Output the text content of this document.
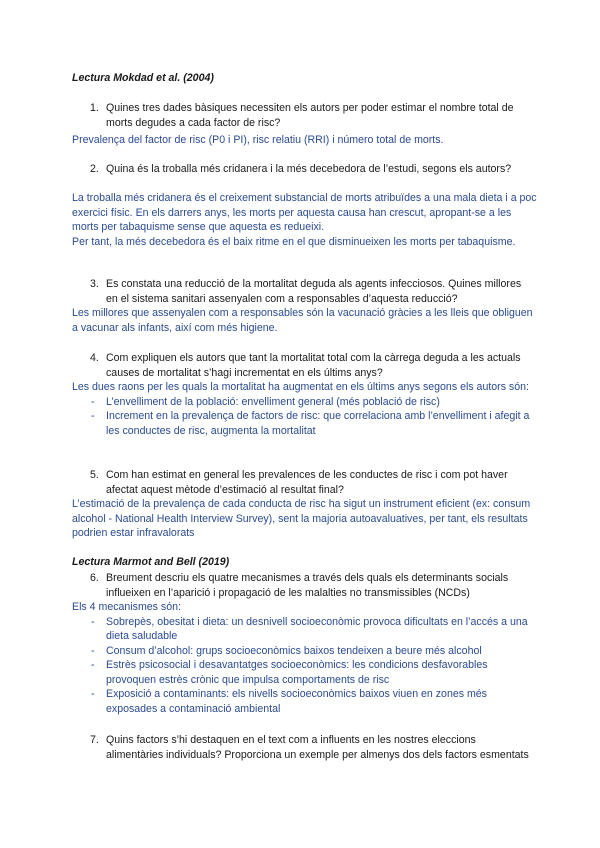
Lectura Mokdad et al. (2004)
1. Quines tres dades bàsiques necessiten els autors per poder estimar el nombre total de morts degudes a cada factor de risc?

Prevalença del factor de risc (P0 i PI), risc relatiu (RRI) i número total de morts.

2. Quina és la troballa més cridanera i la més decebedora de l’estudi, segons els autors?

La troballa més cridanera és el creixement substancial de morts atribuïdes a una mala dieta i a poc exercici físic. En els darrers anys, les morts per aquesta causa han crescut, apropant-se a les morts per tabaquisme sense que aquesta es redueixi.

Per tant, la més decebedora és el baix ritme en el que disminueixen les morts per tabaquisme.

3. Es constata una reducció de la mortalitat deguda als agents infecciosos. Quines millores en el sistema sanitari assenyalen com a responsables d’aquesta reducció?

Les millores que assenyalen com a responsables són la vacunació gràcies a les lleis que obliguen a vacunar als infants, així com més higiene.

4. Com expliquen els autors que tant la mortalitat total com la càrrega deguda a les actuals causes de mortalitat s’hagi incrementat en els últims anys?

Les dues raons per les quals la mortalitat ha augmentat en els últims anys segons els autors són:

- L’envelliment de la població: envelliment general (més població de risc)
- Increment en la prevalença de factors de risc: que correlaciona amb l’envelliment i afegit a les conductes de risc, augmenta la mortalitat
5. Com han estimat en general les prevalences de les conductes de risc i com pot haver afectat aquest mètode d’estimació al resultat final?

L’estimació de la prevalença de cada conducta de risc ha sigut un instrument eficient (ex: consum alcohol - National Health Interview Survey), sent la majoria autoavaluatives, per tant, els resultats podrien estar infravalorats

Lectura Marmot and Bell (2019)
6. Breument descriu els quatre mecanismes a través dels quals els determinants socials influeixen en l’aparició i propagació de les malalties no transmissibles (NCDs)

Els 4 mecanismes són:

- Sobrepès, obesitat i dieta: un desnivell socioeconòmic provoca dificultats en l’accés a una dieta saludable
- Consum d’alcohol: grups socioeconòmics baixos tendeixen a beure més alcohol
- Estrès psicosocial i desavantatges socioeconòmics: les condicions desfavorables provoquen estrès crònic que impulsa comportaments de risc
- Exposició a contaminants: els nivells socioeconòmics baixos viuen en zones més exposades a contaminació ambiental
7. Quins factors s’hi destaquen en el text com a influents en les nostres eleccions alimentàries individuals? Proporciona un exemple per almenys dos dels factors esmentats
